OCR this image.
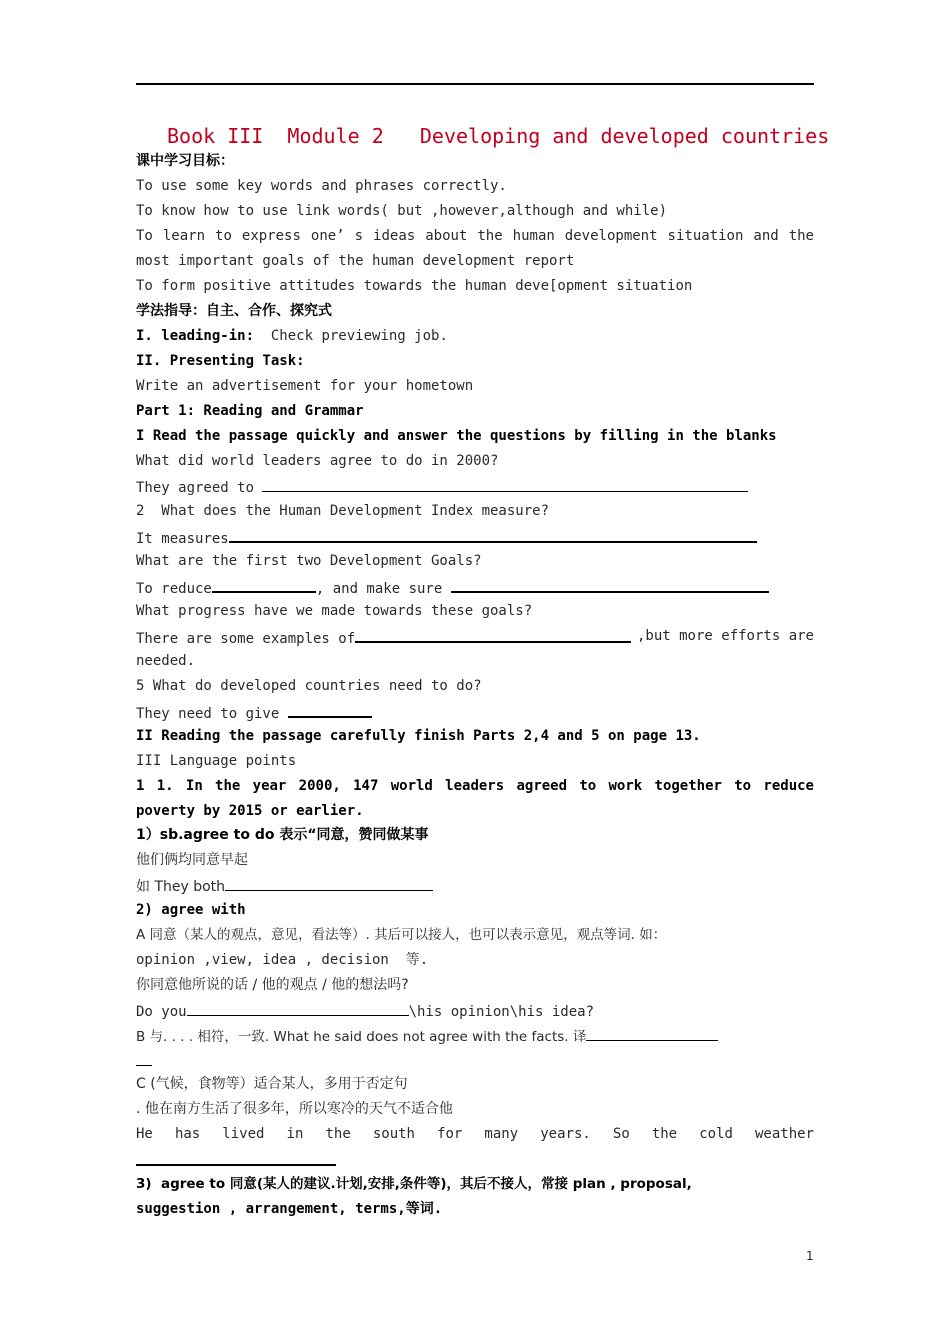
Book III  Module 2   Developing and developed countries
课中学习目标：
To use some key words and phrases correctly.
To know how to use link words( but ,however,although and while)
To learn to express one’ s ideas about the human development situation and the
most important goals of the human development report
To form positive attitudes towards the human deve[opment situation
学法指导：自主、合作、探究式
I. leading-in:  Check previewing job.
II. Presenting Task:
Write an advertisement for your hometown
Part 1: Reading and Grammar
I Read the passage quickly and answer the questions by filling in the blanks
What did world leaders agree to do in 2000?
They agreed to
2  What does the Human Development Index measure?
It measures
What are the first two Development Goals?
To reduce	, and make sure
What progress have we made towards these goals?
There are some examples of	,but more efforts are
needed.
5 What do developed countries need to do?
They need to give
II Reading the passage carefully finish Parts 2,4 and 5 on page 13.
III Language points
1 1. In the year 2000, 147 world leaders agreed to work together to reduce
poverty by 2015 or earlier.
1）sb.agree to do 表示“同意，赞同做某事
他们俩均同意早起
如 They both
2) agree with
A 同意（某人的观点，意见，看法等）. 其后可以接人，也可以表示意见，观点等词. 如：
opinion ,view, idea , decision  等.
你同意他所说的话 / 他的观点 / 他的想法吗?
Do you	\his opinion\his idea?
B 与. . . . 相符，一致. What he said does not agree with the facts. 译
C (气候，食物等）适合某人，多用于否定句
. 他在南方生活了很多年，所以寒冷的天气不适合他
He has lived in the south for many years. So the cold weather
3)  agree to 同意(某人的建议.计划,安排,条件等)，其后不接人，常接 plan , proposal,
suggestion , arrangement, terms,等词.
1
